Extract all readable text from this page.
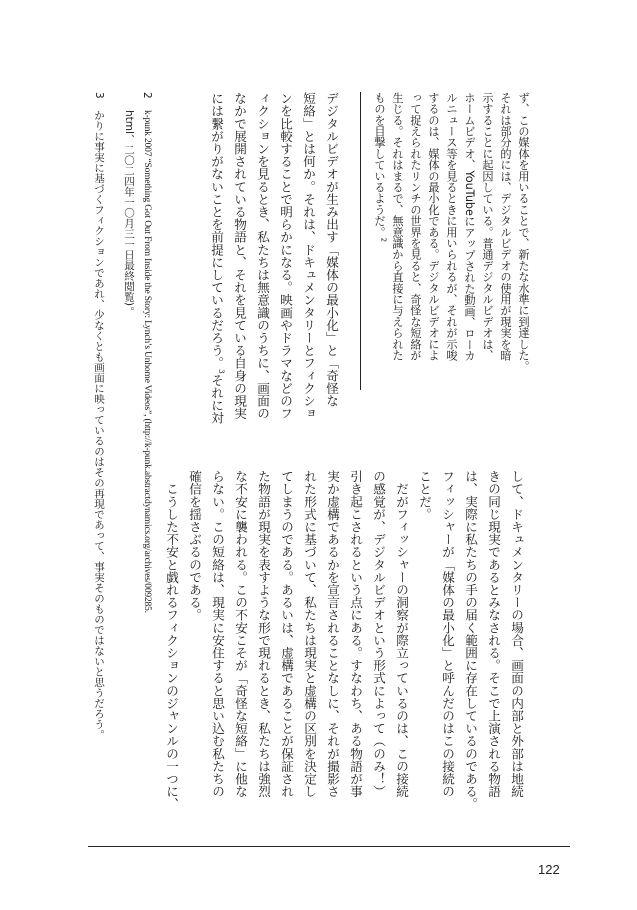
ず、この媒体を用いることで、新たな水準に到達した。
それは部分的には、デジタルビデオの使用が現実を暗
示することに起因している。普通デジタルビデオは、
ホームビデオ、YouTubeにアップされた動画、ローカ
ルニュース等を見るときに用いられるが、それが示唆
するのは、媒体の最小化である。デジタルビデオによ
って捉えられたリンチの世界を見ると、奇怪な短絡が
生じる。それはまるで、無意識から直接に与えられた
ものを目撃しているようだ。$^2$
デジタルビデオが生み出す「媒体の最小化」と「奇怪な
短絡」とは何か。それは、ドキュメンタリーとフィクショ
ンを比較することで明らかになる。映画やドラマなどのフ
ィクションを見るとき、私たちは無意識のうちに、画面の
なかで展開されている物語と、それを見ている自身の現実
には繋がりがないことを前提にしているだろう。$^3$それに対
して、ドキュメンタリーの場合、画面の内部と外部は地続
きの同じ現実であるとみなされる。そこで上演される物語
は、実際に私たちの手の届く範囲に存在しているのである。
フィッシャーが「媒体の最小化」と呼んだのはこの接続の
ことだ。
　だがフィッシャーの洞察が際立っているのは、この接続
の感覚が、デジタルビデオという形式によって（のみ！）
引き起こされるという点にある。すなわち、ある物語が事
実か虚構であるかを宣言されることなしに、それが撮影さ
れた形式に基づいて、私たちは現実と虚構の区別を決定し
てしまうのである。あるいは、虚構であることが保証され
た物語が現実を表すような形で現れるとき、私たちは強烈
な不安に襲われる。この不安こそが「奇怪な短絡」に他な
らない。この短絡は、現実に安住すると思い込む私たちの
確信を揺さぶるのである。
　こうした不安と戯れるフィクションのジャンルの一つに、
2
k-punk 2007 “Something Got Out From Inside the Story: Lynch’s Unhome Videos”, (http://k-punk.abstractdynamics.org/archives/009285.
html、二〇二四年一〇月三一日最終閲覧)。
3
かりに事実に基づくフィクションであれ、少なくとも画面に映っているのはその再現であって、事実そのものではないと思うだろう。
122
